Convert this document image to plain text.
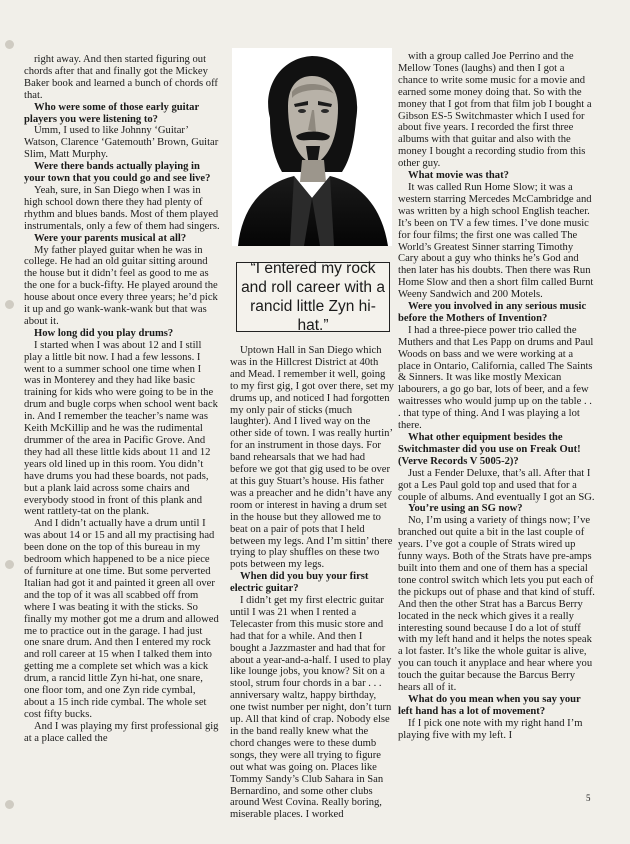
right away. And then started figuring out chords after that and finally got the Mickey Baker book and learned a bunch of chords off that.

Who were some of those early guitar players you were listening to?

Umm, I used to like Johnny ‘Guitar’ Watson, Clarence ‘Gatemouth’ Brown, Guitar Slim, Matt Murphy.

Were there bands actually playing in your town that you could go and see live?

Yeah, sure, in San Diego when I was in high school down there they had plenty of rhythm and blues bands. Most of them played instrumentals, only a few of them had singers.

Were your parents musical at all?

My father played guitar when he was in college. He had an old guitar sitting around the house but it didn’t feel as good to me as the one for a buck-fifty. He played around the house about once every three years; he’d pick it up and go wank-wank-wank but that was about it.

How long did you play drums?

I started when I was about 12 and I still play a little bit now. I had a few lessons. I went to a summer school one time when I was in Monterey and they had like basic training for kids who were going to be in the drum and bugle corps when school went back in. And I remember the teacher’s name was Keith McKillip and he was the rudimental drummer of the area in Pacific Grove. And they had all these little kids about 11 and 12 years old lined up in this room. You didn’t have drums you had these boards, not pads, but a plank laid across some chairs and everybody stood in front of this plank and went rattlety-tat on the plank.

And I didn’t actually have a drum until I was about 14 or 15 and all my practising had been done on the top of this bureau in my bedroom which happened to be a nice piece of furniture at one time. But some perverted Italian had got it and painted it green all over and the top of it was all scabbed off from where I was beating it with the sticks. So finally my mother got me a drum and allowed me to practice out in the garage. I had just one snare drum. And then I entered my rock and roll career at 15 when I talked them into getting me a complete set which was a kick drum, a rancid little Zyn hi-hat, one snare, one floor tom, and one Zyn ride cymbal, about a 15 inch ride cymbal. The whole set cost fifty bucks.

And I was playing my first professional gig at a place called the

“I entered my rock and roll career with a rancid little Zyn hi-hat.”

Uptown Hall in San Diego which was in the Hillcrest District at 40th and Mead. I remember it well, going to my first gig, I got over there, set my drums up, and noticed I had forgotten my only pair of sticks (much laughter). And I lived way on the other side of town. I was really hurtin’ for an instrument in those days. For band rehearsals that we had had before we got that gig used to be over at this guy Stuart’s house. His father was a preacher and he didn’t have any room or interest in having a drum set in the house but they allowed me to beat on a pair of pots that I held between my legs. And I’m sittin’ there trying to play shuffles on these two pots between my legs.

When did you buy your first electric guitar?

I didn’t get my first electric guitar until I was 21 when I rented a Telecaster from this music store and had that for a while. And then I bought a Jazzmaster and had that for about a year-and-a-half. I used to play like lounge jobs, you know? Sit on a stool, strum four chords in a bar . . . anniversary waltz, happy birthday, one twist number per night, don’t turn up. All that kind of crap. Nobody else in the band really knew what the chord changes were to these dumb songs, they were all trying to figure out what was going on. Places like Tommy Sandy’s Club Sahara in San Bernardino, and some other clubs around West Covina. Really boring, miserable places. I worked

with a group called Joe Perrino and the Mellow Tones (laughs) and then I got a chance to write some music for a movie and earned some money doing that. So with the money that I got from that film job I bought a Gibson ES-5 Switchmaster which I used for about five years. I recorded the first three albums with that guitar and also with the money I bought a recording studio from this other guy.

What movie was that?

It was called Run Home Slow; it was a western starring Mercedes McCambridge and was written by a high school English teacher. It’s been on TV a few times. I’ve done music for four films; the first one was called The World’s Greatest Sinner starring Timothy Cary about a guy who thinks he’s God and then later has his doubts. Then there was Run Home Slow and then a short film called Burnt Weeny Sandwich and 200 Motels.

Were you involved in any serious music before the Mothers of Invention?

I had a three-piece power trio called the Muthers and that Les Papp on drums and Paul Woods on bass and we were working at a place in Ontario, California, called The Saints & Sinners. It was like mostly Mexican labourers, a go go bar, lots of beer, and a few waitresses who would jump up on the table . . . that type of thing. And I was playing a lot there.

What other equipment besides the Switchmaster did you use on Freak Out! (Verve Records V 5005-2)?

Just a Fender Deluxe, that’s all. After that I got a Les Paul gold top and used that for a couple of albums. And eventually I got an SG.

You’re using an SG now?

No, I’m using a variety of things now; I’ve branched out quite a bit in the last couple of years. I’ve got a couple of Strats wired up funny ways. Both of the Strats have pre-amps built into them and one of them has a special tone control switch which lets you put each of the pickups out of phase and that kind of stuff. And then the other Strat has a Barcus Berry located in the neck which gives it a really interesting sound because I do a lot of stuff with my left hand and it helps the notes speak a lot faster. It’s like the whole guitar is alive, you can touch it anyplace and hear where you touch the guitar because the Barcus Berry hears all of it.

What do you mean when you say your left hand has a lot of movement?

If I pick one note with my right hand I’m playing five with my left. I

5
